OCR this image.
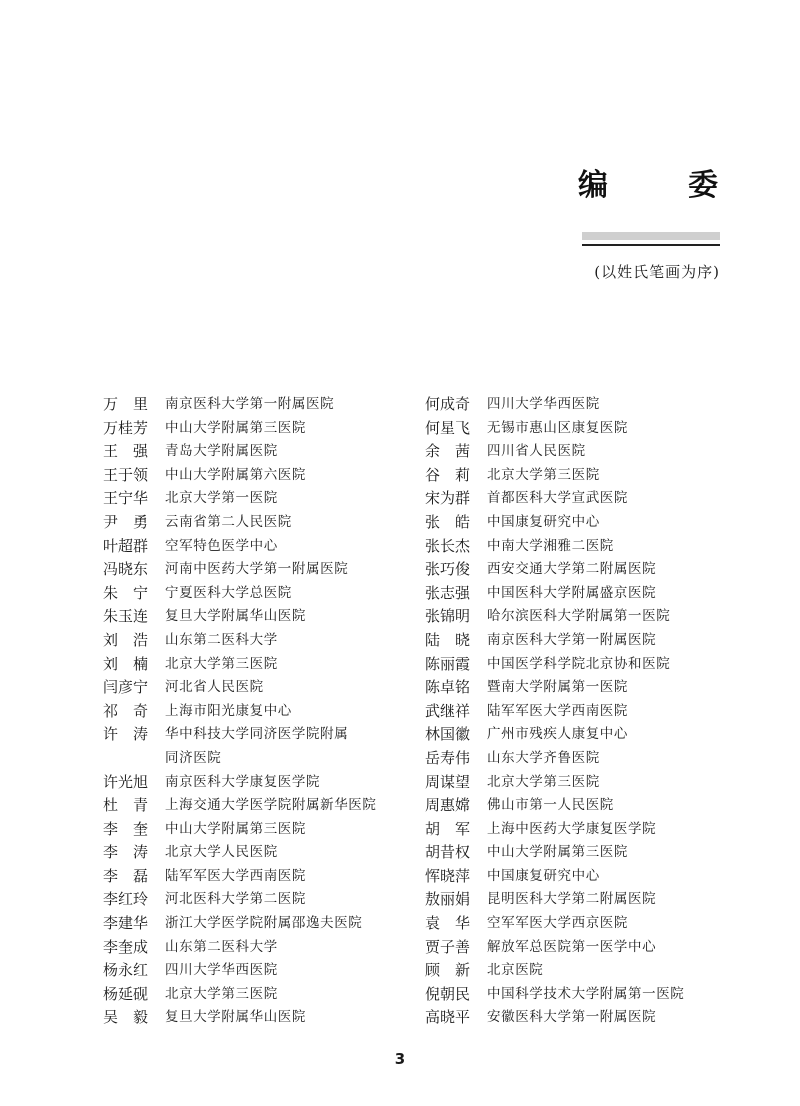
编	委
(以姓氏笔画为序)
万　里	南京医科大学第一附属医院
万桂芳	中山大学附属第三医院
王　强	青岛大学附属医院
王于领	中山大学附属第六医院
王宁华	北京大学第一医院
尹　勇	云南省第二人民医院
叶超群	空军特色医学中心
冯晓东	河南中医药大学第一附属医院
朱　宁	宁夏医科大学总医院
朱玉连	复旦大学附属华山医院
刘　浩	山东第二医科大学
刘　楠	北京大学第三医院
闫彦宁	河北省人民医院
祁　奇	上海市阳光康复中心
许　涛	华中科技大学同济医学院附属
同济医院
许光旭	南京医科大学康复医学院
杜　青	上海交通大学医学院附属新华医院
李　奎	中山大学附属第三医院
李　涛	北京大学人民医院
李　磊	陆军军医大学西南医院
李红玲	河北医科大学第二医院
李建华	浙江大学医学院附属邵逸夫医院
李奎成	山东第二医科大学
杨永红	四川大学华西医院
杨延砚	北京大学第三医院
吴　毅	复旦大学附属华山医院
何成奇	四川大学华西医院
何星飞	无锡市惠山区康复医院
余　茜	四川省人民医院
谷　莉	北京大学第三医院
宋为群	首都医科大学宣武医院
张　皓	中国康复研究中心
张长杰	中南大学湘雅二医院
张巧俊	西安交通大学第二附属医院
张志强	中国医科大学附属盛京医院
张锦明	哈尔滨医科大学附属第一医院
陆　晓	南京医科大学第一附属医院
陈丽霞	中国医学科学院北京协和医院
陈卓铭	暨南大学附属第一医院
武继祥	陆军军医大学西南医院
林国徽	广州市残疾人康复中心
岳寿伟	山东大学齐鲁医院
周谋望	北京大学第三医院
周惠嫦	佛山市第一人民医院
胡　军	上海中医药大学康复医学院
胡昔权	中山大学附属第三医院
恽晓萍	中国康复研究中心
敖丽娟	昆明医科大学第二附属医院
袁　华	空军军医大学西京医院
贾子善	解放军总医院第一医学中心
顾　新	北京医院
倪朝民	中国科学技术大学附属第一医院
高晓平	安徽医科大学第一附属医院
3
